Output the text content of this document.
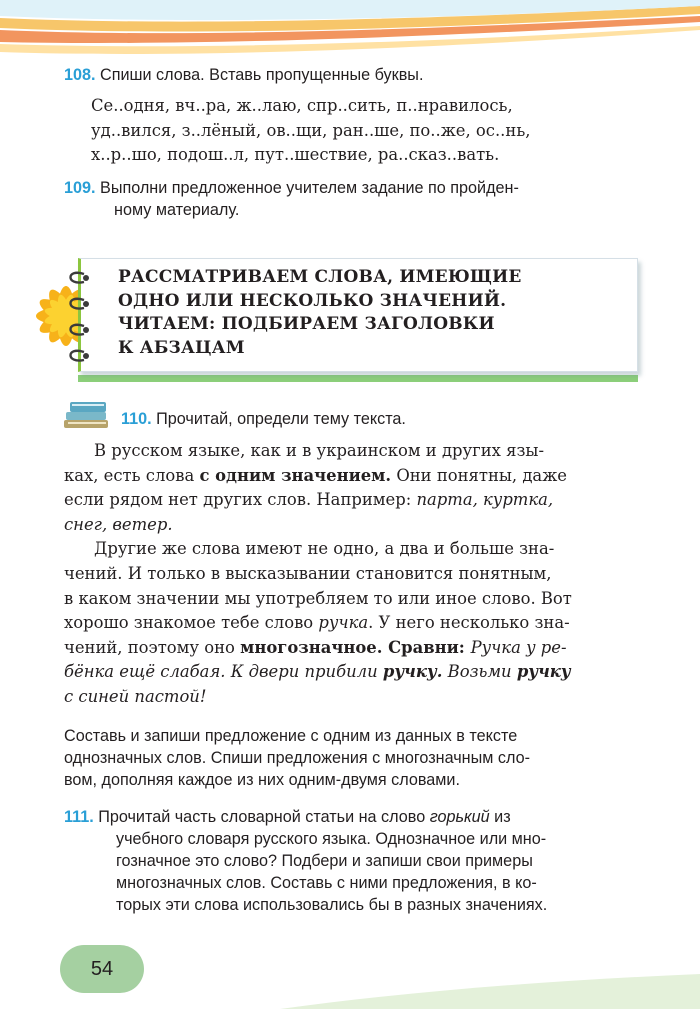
108. Спиши слова. Вставь пропущенные буквы.
Се..одня, вч..ра, ж..лаю, спр..сить, п..нравилось,
уд..вился, з..лёный, ов..щи, ран..ше, по..же, ос..нь,
х..р..шо, подош..л, пут..шествие, ра..сказ..вать.
109. Выполни предложенное учителем задание по пройден-
ному материалу.
РАССМАТРИВАЕМ СЛОВА, ИМЕЮЩИЕ
ОДНО ИЛИ НЕСКОЛЬКО ЗНАЧЕНИЙ.
ЧИТАЕМ: ПОДБИРАЕМ ЗАГОЛОВКИ
К АБЗАЦАМ
110. Прочитай, определи тему текста.
В русском языке, как и в украинском и других язы-
ках, есть слова с одним значением. Они понятны, даже
если рядом нет других слов. Например: парта, куртка,
снег, ветер.
Другие же слова имеют не одно, а два и больше зна-
чений. И только в высказывании становится понятным,
в каком значении мы употребляем то или иное слово. Вот
хорошо знакомое тебе слово ручка. У него несколько зна-
чений, поэтому оно многозначное. Сравни: Ручка у ре-
бёнка ещё слабая. К двери прибили ручку. Возьми ручку
с синей пастой!
Составь и запиши предложение с одним из данных в тексте
однозначных слов. Спиши предложения с многозначным сло-
вом, дополняя каждое из них одним-двумя словами.
111. Прочитай часть словарной статьи на слово горький из
учебного словаря русского языка. Однозначное или мно-
гозначное это слово? Подбери и запиши свои примеры
многозначных слов. Составь с ними предложения, в ко-
торых эти слова использовались бы в разных значениях.
54
